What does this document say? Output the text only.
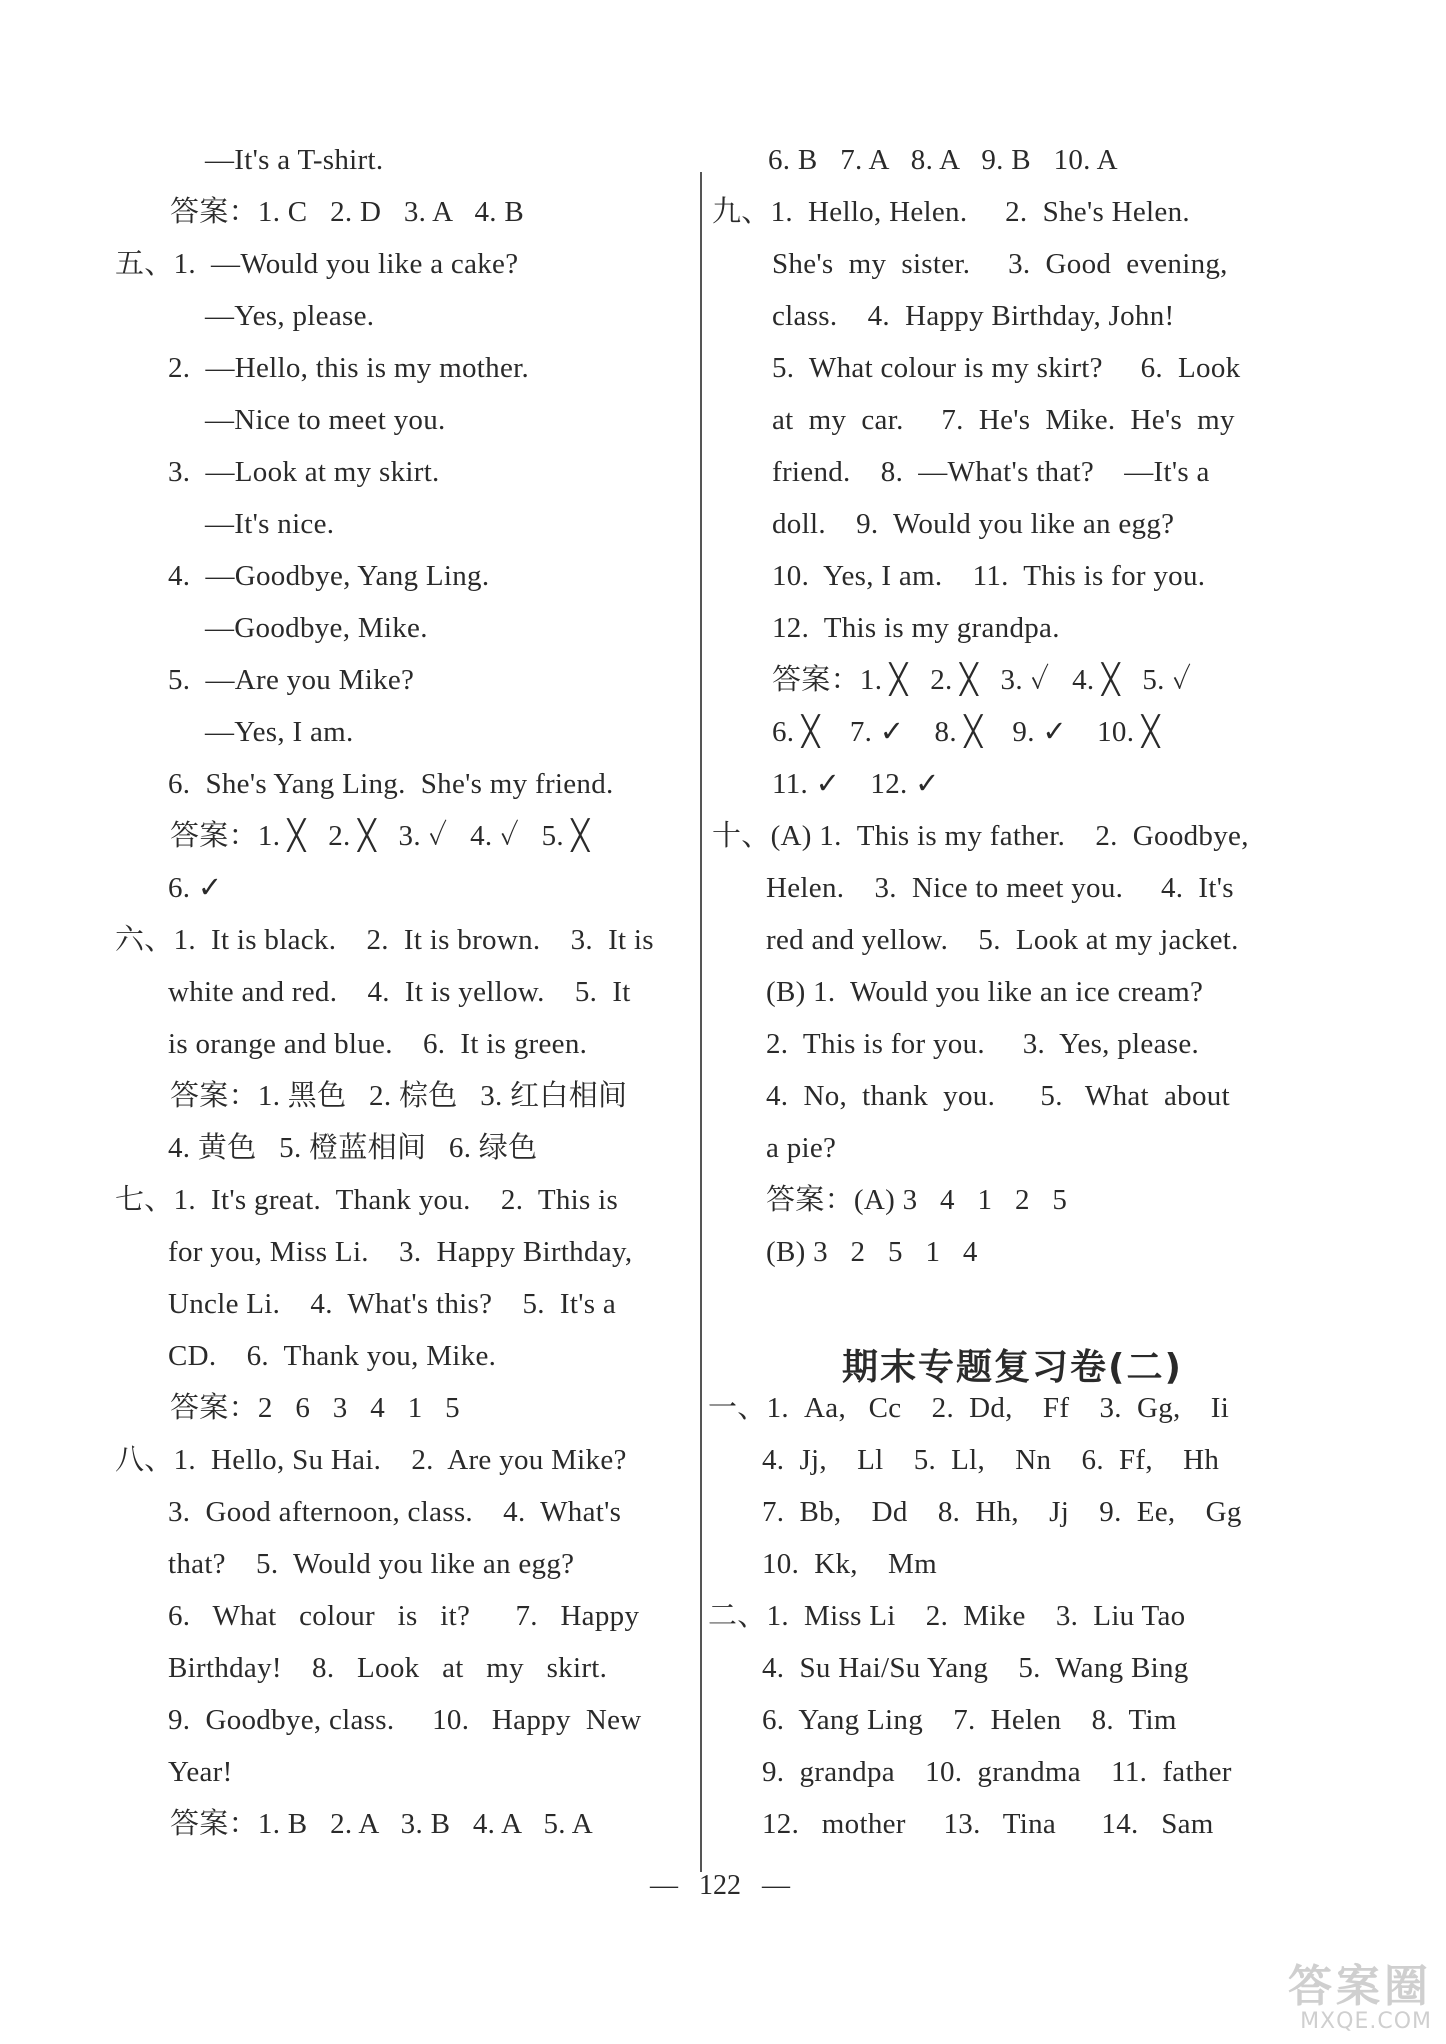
—It's a T-shirt.
答案：1. C   2. D   3. A   4. B
五、1.  —Would you like a cake?
—Yes, please.
2.  —Hello, this is my mother.
—Nice to meet you.
3.  —Look at my skirt.
—It's nice.
4.  —Goodbye, Yang Ling.
—Goodbye, Mike.
5.  —Are you Mike?
—Yes, I am.
6.  She's Yang Ling.  She's my friend.
答案：1. ╳   2. ╳   3. ✓   4. ✓   5. ╳
6. ✓
六、1.  It is black.    2.  It is brown.    3.  It is
white and red.    4.  It is yellow.    5.  It
is orange and blue.    6.  It is green.
答案：1. 黑色   2. 棕色   3. 红白相间
4. 黄色   5. 橙蓝相间   6. 绿色
七、1.  It's great.  Thank you.    2.  This is
for you, Miss Li.    3.  Happy Birthday,
Uncle Li.    4.  What's this?    5.  It's a
CD.    6.  Thank you, Mike.
答案：2   6   3   4   1   5
八、1.  Hello, Su Hai.    2.  Are you Mike?
3.  Good afternoon, class.    4.  What's
that?    5.  Would you like an egg?
6.   What   colour   is   it?      7.   Happy
Birthday!    8.   Look   at   my   skirt.
9.  Goodbye, class.     10.   Happy  New
Year!
答案：1. B   2. A   3. B   4. A   5. A
6. B   7. A   8. A   9. B   10. A
九、1.  Hello, Helen.     2.  She's Helen.
She's  my  sister.     3.  Good  evening,
class.    4.  Happy Birthday, John!
5.  What colour is my skirt?     6.  Look
at  my  car.     7.  He's  Mike.  He's  my
friend.    8.  —What's that?    —It's a
doll.    9.  Would you like an egg?
10.  Yes, I am.    11.  This is for you.
12.  This is my grandpa.
答案：1. ╳   2. ╳   3. ✓   4. ╳   5. ✓
6. ╳    7. ✓    8. ╳    9. ✓    10. ╳
11. ✓    12. ✓
十、(A) 1.  This is my father.    2.  Goodbye,
Helen.    3.  Nice to meet you.     4.  It's
red and yellow.    5.  Look at my jacket.
(B) 1.  Would you like an ice cream?
2.  This is for you.     3.  Yes, please.
4.  No,  thank  you.      5.   What  about
a pie?
答案：(A) 3   4   1   2   5
(B) 3   2   5   1   4
一、1.  Aa,   Cc    2.  Dd,    Ff    3.  Gg,    Ii
4.  Jj,    Ll    5.  Ll,    Nn    6.  Ff,    Hh
7.  Bb,    Dd    8.  Hh,    Jj    9.  Ee,    Gg
10.  Kk,    Mm
二、1.  Miss Li    2.  Mike    3.  Liu Tao
4.  Su Hai/Su Yang    5.  Wang Bing
6.  Yang Ling    7.  Helen    8.  Tim
9.  grandpa    10.  grandma    11.  father
12.   mother     13.   Tina      14.   Sam
期末专题复习卷(二)
—   122   —
答案圈
MXQE.COM
